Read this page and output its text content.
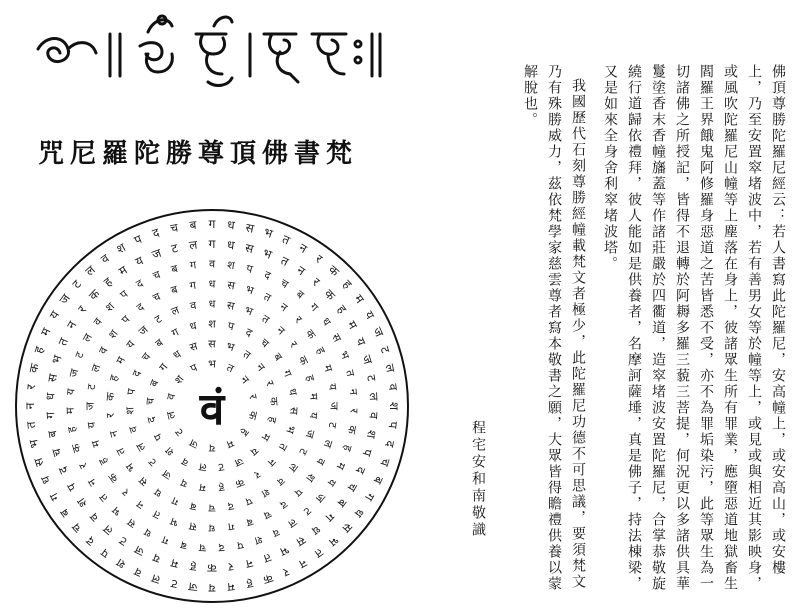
梵書佛頂尊勝陀羅尼咒
ग ध स भ त
न
र
क
ह
म
य
ज
ट
ल
व
श
प
द
च
ब
ग
ध
स
भ
त
न
र
क
ह
म
य
ज
ट
ल
व
श
प
द
च
ब
ग
ध
स
भ
त
न
र
क
ह
म
य
ज
ट
ल
व
श
प द च ब
ग ध स भ त
न
र
क
ह
म
य
ज
ट
ल
व
श
प
द
च
ब
ग
ध
स
भ
त
न
र
क
ह
म
य
ज
ट
ल
व
श
प
द
च
ब
ग
ध
स
भ
त
न
र
क
ह
म
य ज ट ल
व श प द
च
ब
ग
ध
स
भ
त
न
र
क
ह
म
य
ज
ट
ल
व
श
प
द
च
ब
ग
ध
स
भ
त
न
र
क
ह
म
य
ज
ट
ल
व
श
प
द
च ब ग
ध स भ त
न
र
क
ह
म
य
ज
ट
ल
व
श
प
द
च
ब
ग
ध
स
भ
त
न
र
क
ह
म
य
ज
ट
ल
व
श
प
द
च ब ग
ध स भ
त
न
र
क
ह
म
य
ज
ट
ल
व
श
प
द
च
ब
ग
ध
स
भ
त
न
र
क
ह
म
य
ज
ट
ल व
श प द
च
ब
ग
ध
स
भ
त
न
र
क
ह
म
य
ज
ट
ल
व
श
प
द
च
ब
ग ध
स भ
त
न
र
क
ह
म
य
ज
ट
ल
व
श
प
द
च
ब
ग
ध
स
भ त
न
र
क
ह
म
य
ज
ट
ल
व
श
प
वं	佛頂尊勝陀羅尼經云：若人書寫此陀羅尼，安高幢上，或安高山，或安樓上，乃至安置窣堵波中，若有善男女等於幢等上，或見或與相近其影映身，或風吹陀羅尼山幢等上塵落在身上，彼諸眾生所有罪業，應墮惡道地獄畜生閻羅王界餓鬼阿修羅身惡道之苦皆悉不受，亦不為罪垢染污，此等眾生為一切諸佛之所授記，皆得不退轉於阿耨多羅三藐三菩提，何況更以多諸供具華鬘塗香末香幢旛蓋等作諸莊嚴於四衢道，造窣堵波安置陀羅尼，合掌恭敬旋繞行道歸依禮拜，彼人能如是供養者，名摩訶薩埵，真是佛子，持法棟梁，又是如來全身舍利窣堵波塔。

我國歷代石刻尊勝經幢載梵文者極少，此陀羅尼功德不可思議，要須梵文乃有殊勝威力，茲依梵學家慈雲尊者寫本敬書之願，大眾皆得瞻禮供養以蒙解脫也。

程宅安和南敬識
